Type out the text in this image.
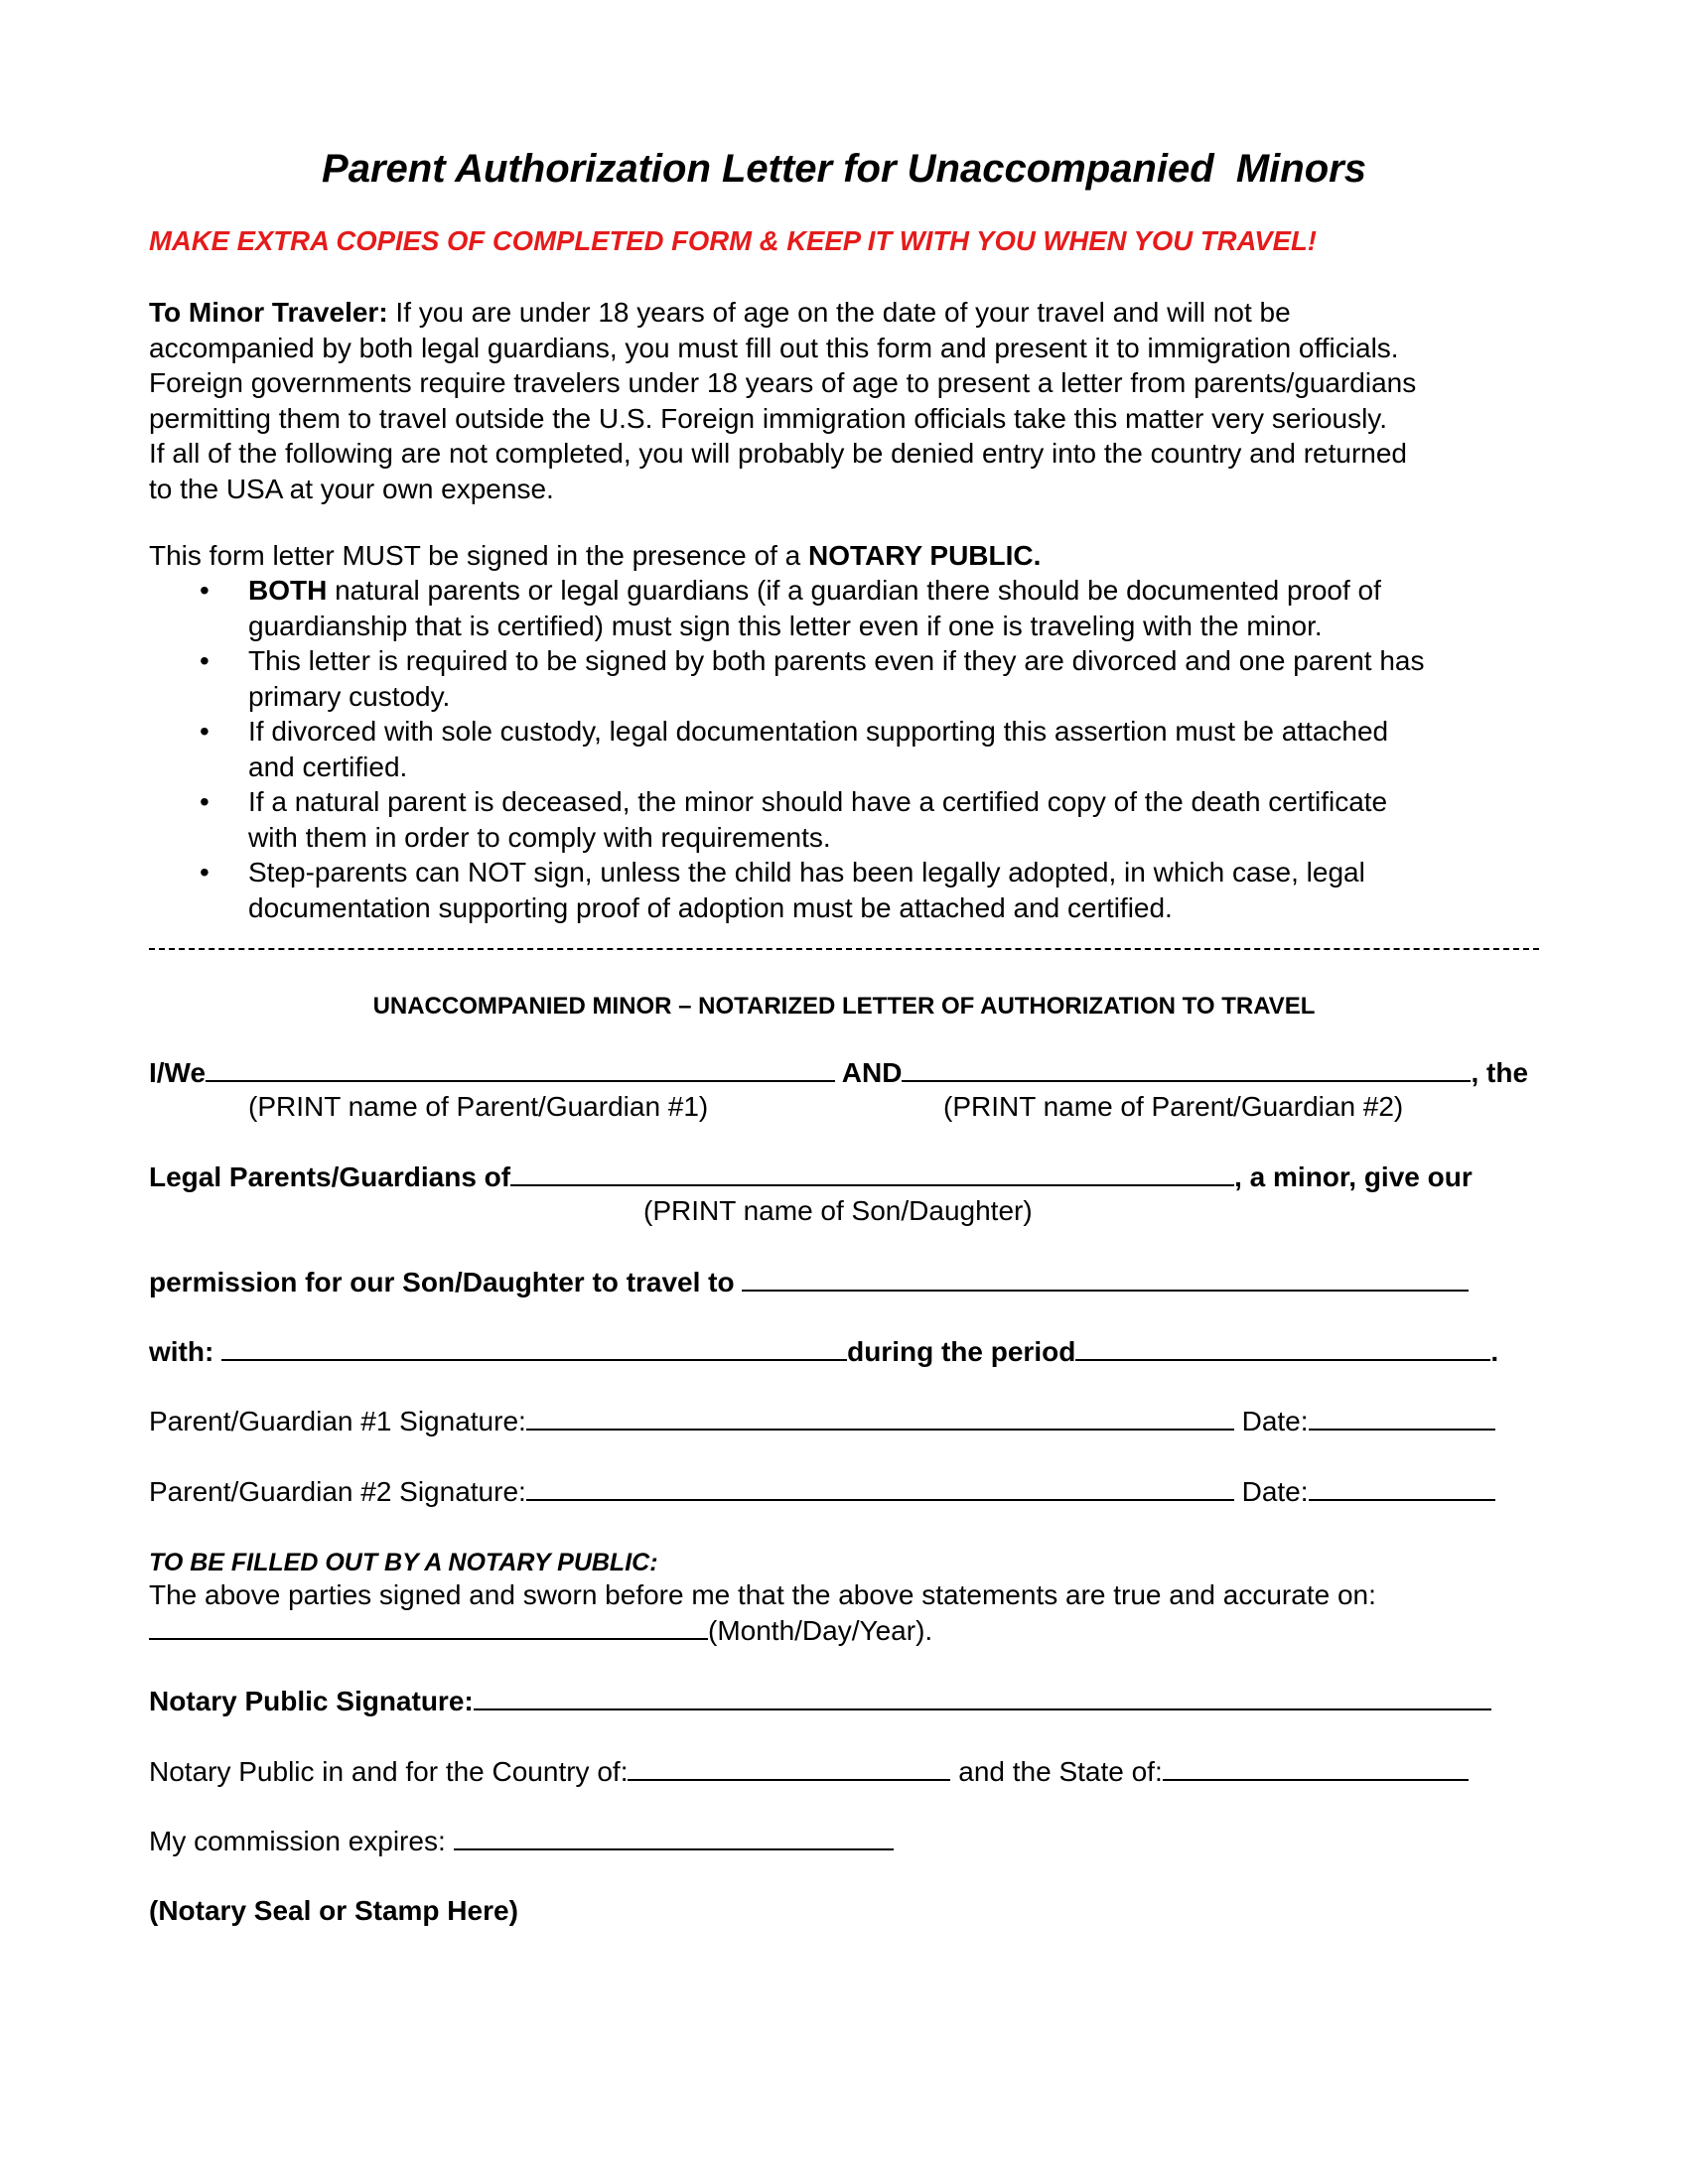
Parent Authorization Letter for Unaccompanied  Minors
MAKE EXTRA COPIES OF COMPLETED FORM & KEEP IT WITH YOU WHEN YOU TRAVEL!
To Minor Traveler: If you are under 18 years of age on the date of your travel and will not be
accompanied by both legal guardians, you must fill out this form and present it to immigration officials.
Foreign governments require travelers under 18 years of age to present a letter from parents/guardians
permitting them to travel outside the U.S. Foreign immigration officials take this matter very seriously.
If all of the following are not completed, you will probably be denied entry into the country and returned
to the USA at your own expense.
This form letter MUST be signed in the presence of a NOTARY PUBLIC.
• BOTH natural parents or legal guardians (if a guardian there should be documented proof of
guardianship that is certified) must sign this letter even if one is traveling with the minor.
• This letter is required to be signed by both parents even if they are divorced and one parent has
primary custody.
• If divorced with sole custody, legal documentation supporting this assertion must be attached
and certified.
• If a natural parent is deceased, the minor should have a certified copy of the death certificate
with them in order to comply with requirements.
• Step-parents can NOT sign, unless the child has been legally adopted, in which case, legal
documentation supporting proof of adoption must be attached and certified.
UNACCOMPANIED MINOR – NOTARIZED LETTER OF AUTHORIZATION TO TRAVEL
I/We	AND	, the
(PRINT name of Parent/Guardian #1)	(PRINT name of Parent/Guardian #2)
Legal Parents/Guardians of	, a minor, give our
(PRINT name of Son/Daughter)
permission for our Son/Daughter to travel to
with:	during the period	.
Parent/Guardian #1 Signature:	Date:
Parent/Guardian #2 Signature:	Date:
TO BE FILLED OUT BY A NOTARY PUBLIC:
The above parties signed and sworn before me that the above statements are true and accurate on:
(Month/Day/Year).
Notary Public Signature:
Notary Public in and for the Country of:	and the State of:
My commission expires:
(Notary Seal or Stamp Here)
